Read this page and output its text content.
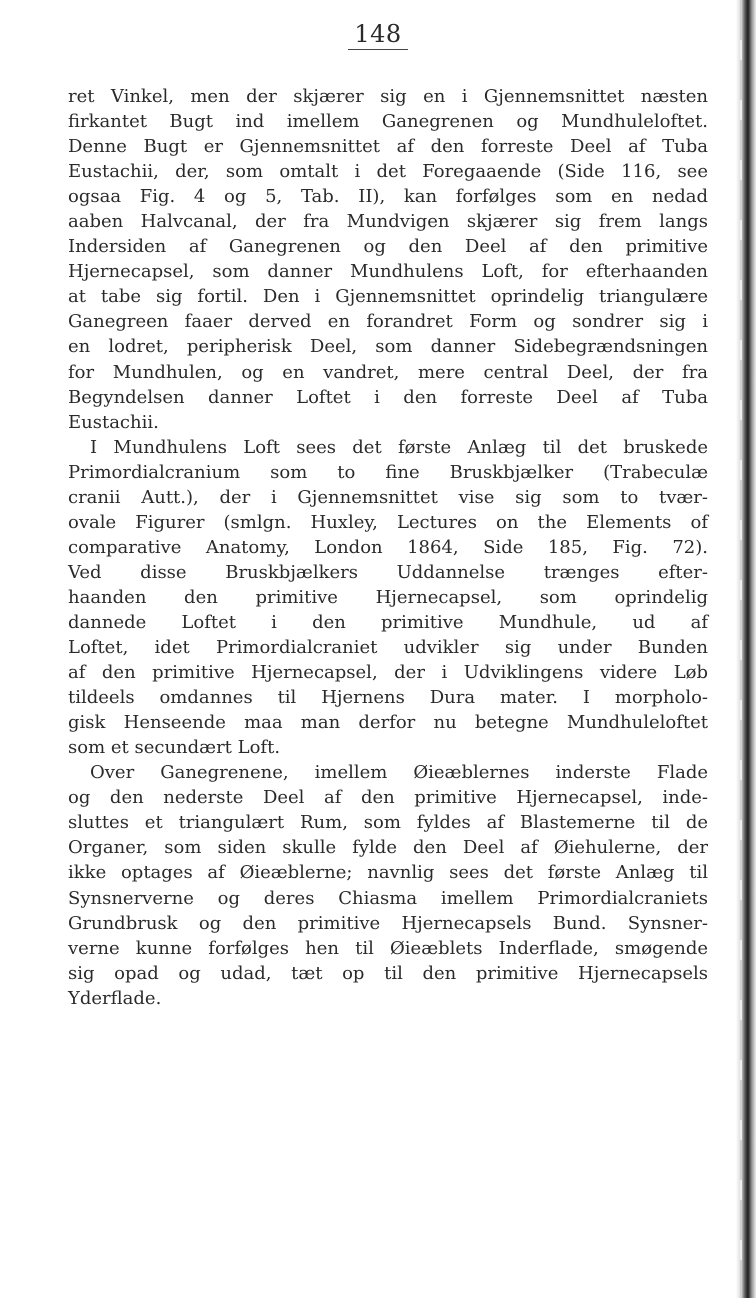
148
ret Vinkel, men der skjærer sig en i Gjennemsnittet næsten
firkantet Bugt ind imellem Ganegrenen og Mundhuleloftet.
Denne Bugt er Gjennemsnittet af den forreste Deel af Tuba
Eustachii, der, som omtalt i det Foregaaende (Side 116, see
ogsaa Fig. 4 og 5, Tab. II), kan forfølges som en nedad
aaben Halvcanal, der fra Mundvigen skjærer sig frem langs
Indersiden af Ganegrenen og den Deel af den primitive
Hjernecapsel, som danner Mundhulens Loft, for efterhaanden
at tabe sig fortil. Den i Gjennemsnittet oprindelig triangulære
Ganegreen faaer derved en forandret Form og sondrer sig i
en lodret, peripherisk Deel, som danner Sidebegrændsningen
for Mundhulen, og en vandret, mere central Deel, der fra
Begyndelsen danner Loftet i den forreste Deel af Tuba
Eustachii.
I Mundhulens Loft sees det første Anlæg til det bruskede
Primordialcranium som to fine Bruskbjælker (Trabeculæ
cranii Autt.), der i Gjennemsnittet vise sig som to tvær-
ovale Figurer (smlgn. Huxley, Lectures on the Elements of
comparative Anatomy, London 1864, Side 185, Fig. 72).
Ved disse Bruskbjælkers Uddannelse trænges efter-
haanden den primitive Hjernecapsel, som oprindelig
dannede Loftet i den primitive Mundhule, ud af
Loftet, idet Primordialcraniet udvikler sig under Bunden
af den primitive Hjernecapsel, der i Udviklingens videre Løb
tildeels omdannes til Hjernens Dura mater. I morpholo-
gisk Henseende maa man derfor nu betegne Mundhuleloftet
som et secundært Loft.
Over Ganegrenene, imellem Øieæblernes inderste Flade
og den nederste Deel af den primitive Hjernecapsel, inde-
sluttes et triangulært Rum, som fyldes af Blastemerne til de
Organer, som siden skulle fylde den Deel af Øiehulerne, der
ikke optages af Øieæblerne; navnlig sees det første Anlæg til
Synsnerverne og deres Chiasma imellem Primordialcraniets
Grundbrusk og den primitive Hjernecapsels Bund. Synsner-
verne kunne forfølges hen til Øieæblets Inderflade, smøgende
sig opad og udad, tæt op til den primitive Hjernecapsels
Yderflade.
